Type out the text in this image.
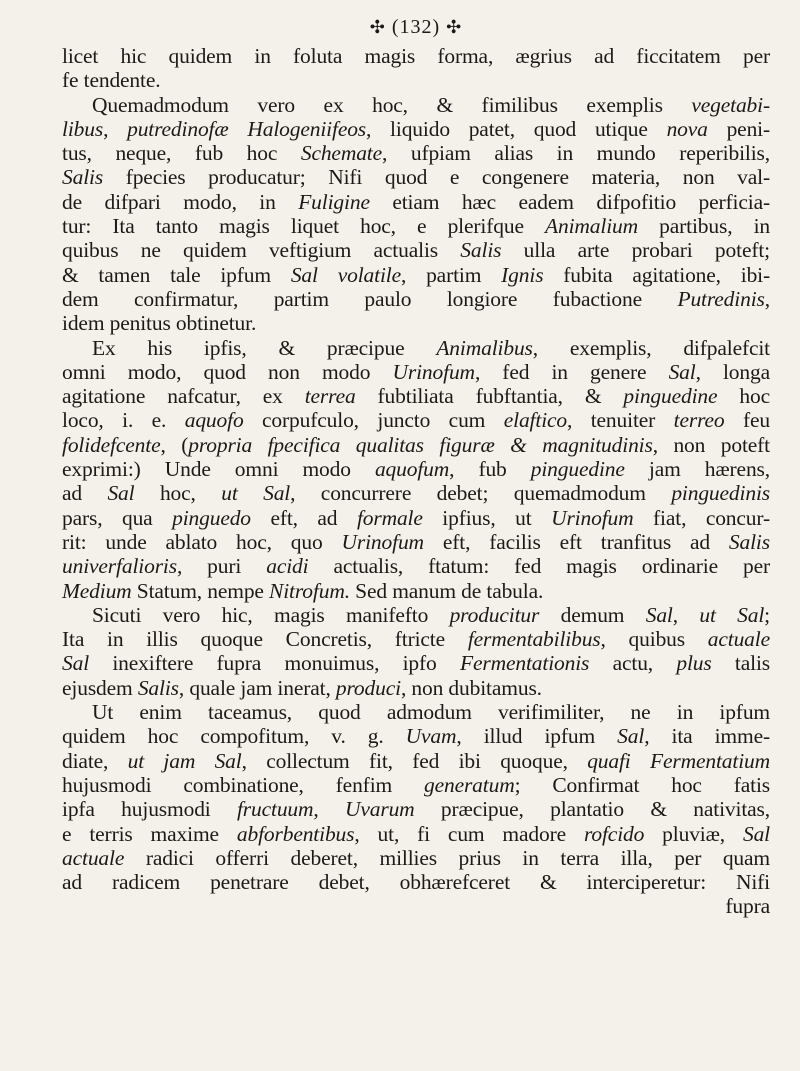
✣ (132) ✣
licet hic quidem in foluta magis forma, ægrius ad ficcitatem per
fe tendente.
Quemadmodum vero ex hoc, & fimilibus exemplis vegetabi-
libus, putredinofæ Halogeniifeos, liquido patet, quod utique nova peni-
tus, neque, fub hoc Schemate, ufpiam alias in mundo reperibilis,
Salis fpecies producatur; Nifi quod e congenere materia, non val-
de difpari modo, in Fuligine etiam hæc eadem difpofitio perficia-
tur: Ita tanto magis liquet hoc, e plerifque Animalium partibus, in
quibus ne quidem veftigium actualis Salis ulla arte probari poteft;
& tamen tale ipfum Sal volatile, partim Ignis fubita agitatione, ibi-
dem confirmatur, partim paulo longiore fubactione Putredinis,
idem penitus obtinetur.
Ex his ipfis, & præcipue Animalibus, exemplis, difpalefcit
omni modo, quod non modo Urinofum, fed in genere Sal, longa
agitatione nafcatur, ex terrea fubtiliata fubftantia, & pinguedine hoc
loco, i. e. aquofo corpufculo, juncto cum elaftico, tenuiter terreo feu
folidefcente, (propria fpecifica qualitas figuræ & magnitudinis, non poteft
exprimi:) Unde omni modo aquofum, fub pinguedine jam hærens,
ad Sal hoc, ut Sal, concurrere debet; quemadmodum pinguedinis
pars, qua pinguedo eft, ad formale ipfius, ut Urinofum fiat, concur-
rit: unde ablato hoc, quo Urinofum eft, facilis eft tranfitus ad Salis
univerfalioris, puri acidi actualis, ftatum: fed magis ordinarie per
Medium Statum, nempe Nitrofum. Sed manum de tabula.
Sicuti vero hic, magis manifefto producitur demum Sal, ut Sal;
Ita in illis quoque Concretis, ftricte fermentabilibus, quibus actuale
Sal inexiftere fupra monuimus, ipfo Fermentationis actu, plus talis
ejusdem Salis, quale jam inerat, produci, non dubitamus.
Ut enim taceamus, quod admodum verifimiliter, ne in ipfum
quidem hoc compofitum, v. g. Uvam, illud ipfum Sal, ita imme-
diate, ut jam Sal, collectum fit, fed ibi quoque, quafi Fermentatium
hujusmodi combinatione, fenfim generatum; Confirmat hoc fatis
ipfa hujusmodi fructuum, Uvarum præcipue, plantatio & nativitas,
e terris maxime abforbentibus, ut, fi cum madore rofcido pluviæ, Sal
actuale radici offerri deberet, millies prius in terra illa, per quam
ad radicem penetrare debet, obhærefceret & interciperetur: Nifi
fupra
